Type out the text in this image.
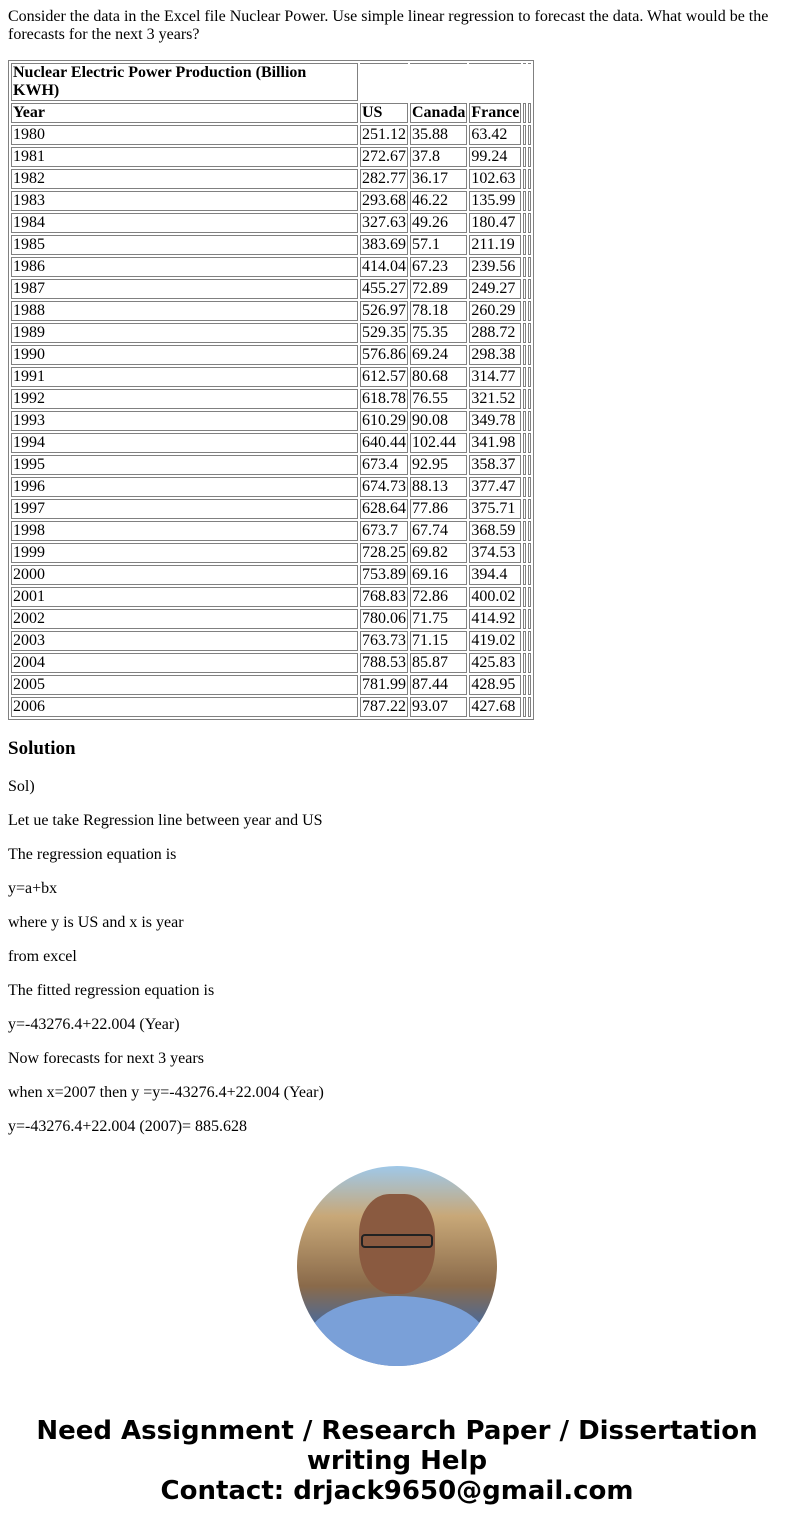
Consider the data in the Excel file Nuclear Power. Use simple linear regression to forecast the data. What would be the forecasts for the next 3 years?
Nuclear Electric Power Production (Billion KWH)					
Year	US	Canada	France		
1980	251.12	35.88	63.42		
1981	272.67	37.8	99.24		
1982	282.77	36.17	102.63		
1983	293.68	46.22	135.99		
1984	327.63	49.26	180.47		
1985	383.69	57.1	211.19		
1986	414.04	67.23	239.56		
1987	455.27	72.89	249.27		
1988	526.97	78.18	260.29		
1989	529.35	75.35	288.72		
1990	576.86	69.24	298.38		
1991	612.57	80.68	314.77		
1992	618.78	76.55	321.52		
1993	610.29	90.08	349.78		
1994	640.44	102.44	341.98		
1995	673.4	92.95	358.37		
1996	674.73	88.13	377.47		
1997	628.64	77.86	375.71		
1998	673.7	67.74	368.59		
1999	728.25	69.82	374.53		
2000	753.89	69.16	394.4		
2001	768.83	72.86	400.02		
2002	780.06	71.75	414.92		
2003	763.73	71.15	419.02		
2004	788.53	85.87	425.83		
2005	781.99	87.44	428.95		
2006	787.22	93.07	427.68		
Solution

Sol)

Let ue take Regression line between year and US

The regression equation is

y=a+bx

where y is US and x is year

from excel

The fitted regression equation is

y=-43276.4+22.004 (Year)

Now forecasts for next 3 years

when x=2007 then y =y=-43276.4+22.004 (Year)

y=-43276.4+22.004 (2007)= 885.628

Need Assignment / Research Paper / Dissertation writing Help
Contact: drjack9650@gmail.com
